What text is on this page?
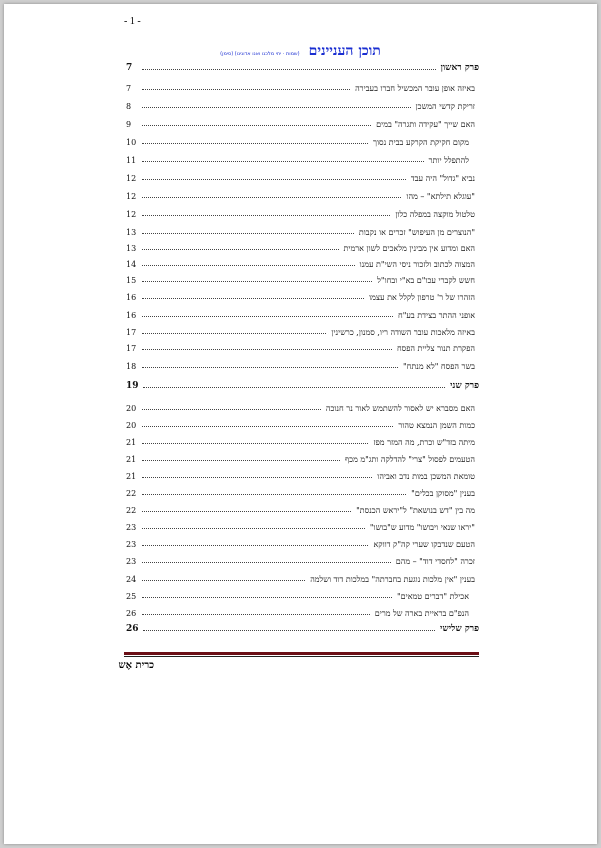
- 1 -
תוכן העניינים (שמות · יחי מלכנו ואנו אדונינו) (סימן)
פרק ראשון
7
באיזה אופן עובר המכשיל חברו בעבירה
7
זריקת קדשי המשכן
8
האם שייך "עקידה ותגרה" במים
9
מקום חקיקת הקרקע בבית נסוך
10
להתפלל יותר
11
נביא "גדול" היה עבד
12
"עוגלא תילתא" – מהו
12
טלטול מוקצה במפלה כלון
12
"הנוצרים מן העיפוש" זכרים או נקבות
13
האם ומדוע אין מבינין מלאכים לשון ארמית
13
המצוה לכתוב ולזכור ניסי השי"ת עמנו
14
חשש לקברי עכו"ם בא"י ובחו"ל
15
הזהרו של ר' טרפון לקלל את עצמו
16
אופני ההתר בצידת בע"ח
16
באיזה מלאכות עובר השודה ריו, סמנון, כרשינין
17
הפקרת תנור צליית הפסח
17
בשר הפסח "לא מנתח"
18
פרק שני
19
האם מסברא יש לאסור להשתמש לאור נר חנוכה
20
כמות השמן הנמצא טהור
20
מיתה בזד"ש וכרת, מה המזר מפז
21
הטעמים לפסול "צרי" להדלקה ותג"מ מכף
21
טומאת המשכן במות נדב ואביהו
21
בענין "מסוקן בכלים"
22
מה בין "דש בנושאת" ל"יראש הכנסת"
22
"יראו שנאי ויבושו" מדוע ש"בושו"
23
הטעם שנדבקו שערי קה"ק דווקא
23
זכרה "לחסדי דוד" – מהם
23
בענין "אין מלכות נוגעת בחברתה" במלכות דוד ושלמה
24
אכילת "דברים טמאים"
25
הנפ"ם בראיית בארה של מרים
26
פרק שלישי
26
כרית אֶש
